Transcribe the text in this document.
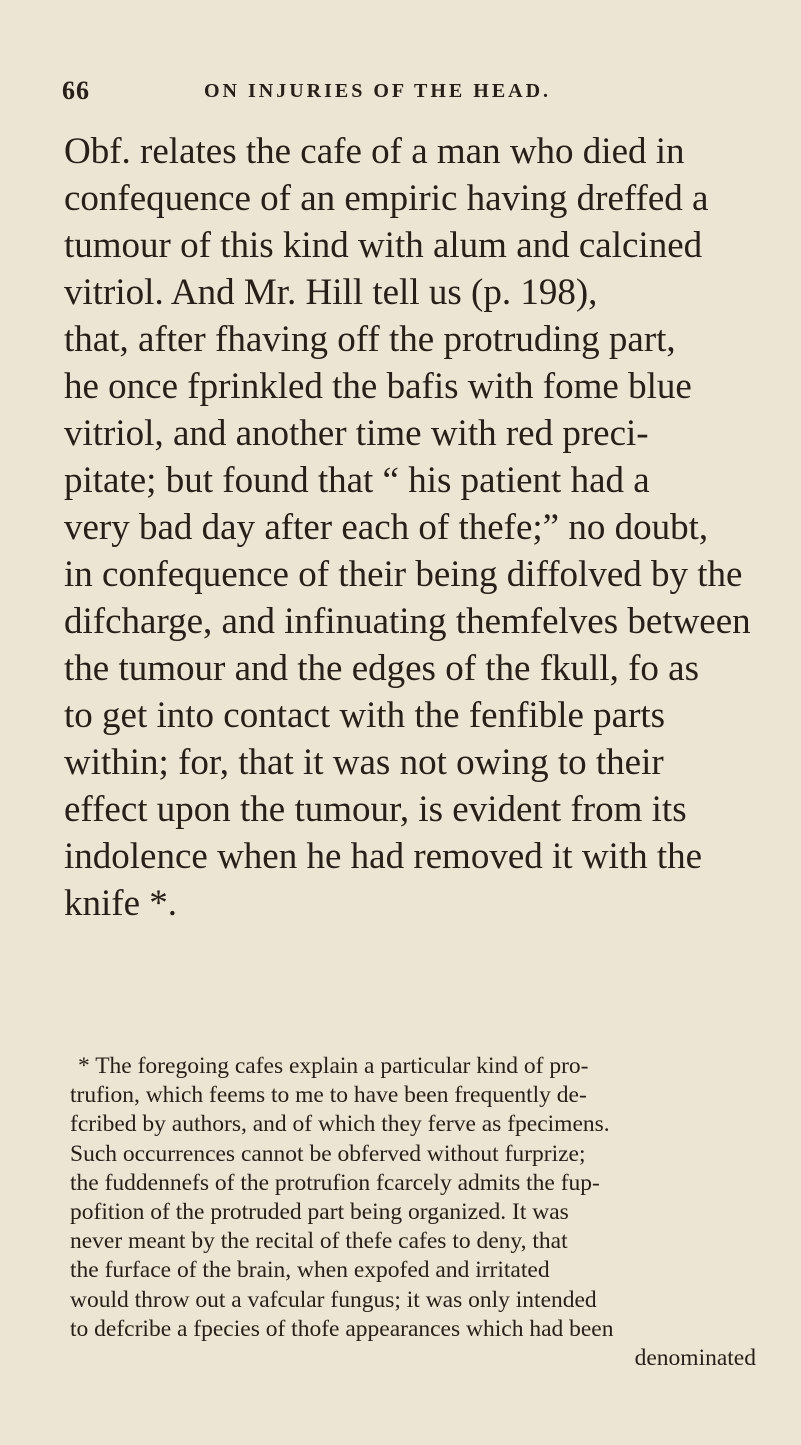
66	ON INJURIES OF THE HEAD.
Obf. relates the cafe of a man who died in
confequence of an empiric having dreffed a
tumour of this kind with alum and calcined
vitriol. And Mr. Hill tell us (p. 198),
that, after fhaving off the protruding part,
he once fprinkled the bafis with fome blue
vitriol, and another time with red preci-
pitate; but found that “ his patient had a
very bad day after each of thefe;” no doubt,
in confequence of their being diffolved by the
difcharge, and infinuating themfelves between
the tumour and the edges of the fkull, fo as
to get into contact with the fenfible parts
within; for, that it was not owing to their
effect upon the tumour, is evident from its
indolence when he had removed it with the
knife *.
* The foregoing cafes explain a particular kind of pro-
trufion, which feems to me to have been frequently de-
fcribed by authors, and of which they ferve as fpecimens.
Such occurrences cannot be obferved without furprize;
the fuddennefs of the protrufion fcarcely admits the fup-
pofition of the protruded part being organized. It was
never meant by the recital of thefe cafes to deny, that
the furface of the brain, when expofed and irritated
would throw out a vafcular fungus; it was only intended
to defcribe a fpecies of thofe appearances which had been
denominated
